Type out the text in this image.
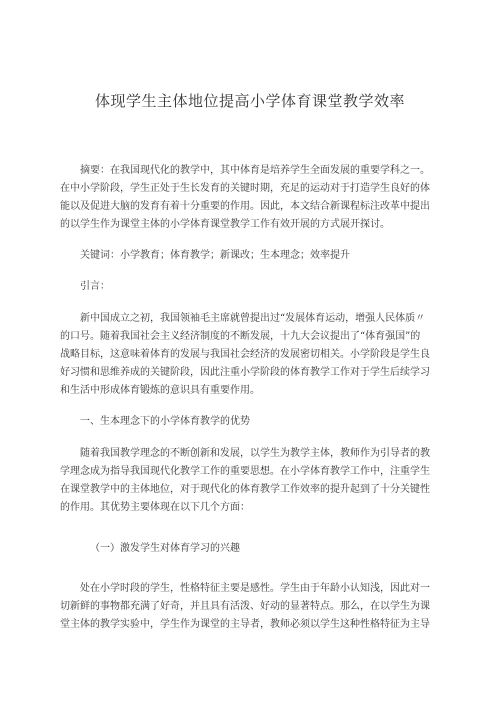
体现学生主体地位提高小学体育课堂教学效率
摘要：在我国现代化的教学中，其中体育是培养学生全面发展的重要学科之一。
在中小学阶段，学生正处于生长发育的关键时期，充足的运动对于打造学生良好的体
能以及促进大脑的发育有着十分重要的作用。因此，本文结合新课程标注改革中提出
的以学生作为课堂主体的小学体育课堂教学工作有效开展的方式展开探讨。
关键词：小学教育；体育教学；新课改；生本理念；效率提升
引言：
新中国成立之初，我国领袖毛主席就曾提出过“发展体育运动，增强人民体质〃
的口号。随着我国社会主义经济制度的不断发展，十九大会议提出了“体育强国”的
战略目标，这意味着体育的发展与我国社会经济的发展密切相关。小学阶段是学生良
好习惯和思维养成的关键阶段，因此注重小学阶段的体育教学工作对于学生后续学习
和生活中形成体育锻炼的意识具有重要作用。
一、生本理念下的小学体育教学的优势
随着我国教学理念的不断创新和发展，以学生为教学主体，教师作为引导者的教
学理念成为指导我国现代化教学工作的重要思想。在小学体育教学工作中，注重学生
在课堂教学中的主体地位，对于现代化的体育教学工作效率的提升起到了十分关键性
的作用。其优势主要体现在以下几个方面：
（一）激发学生对体育学习的兴趣
处在小学时段的学生，性格特征主要是感性。学生由于年龄小认知浅，因此对一
切新鲜的事物都充满了好奇，并且具有活泼、好动的显著特点。那么，在以学生为课
堂主体的教学实验中，学生作为课堂的主导者，教师必须以学生这种性格特征为主导
